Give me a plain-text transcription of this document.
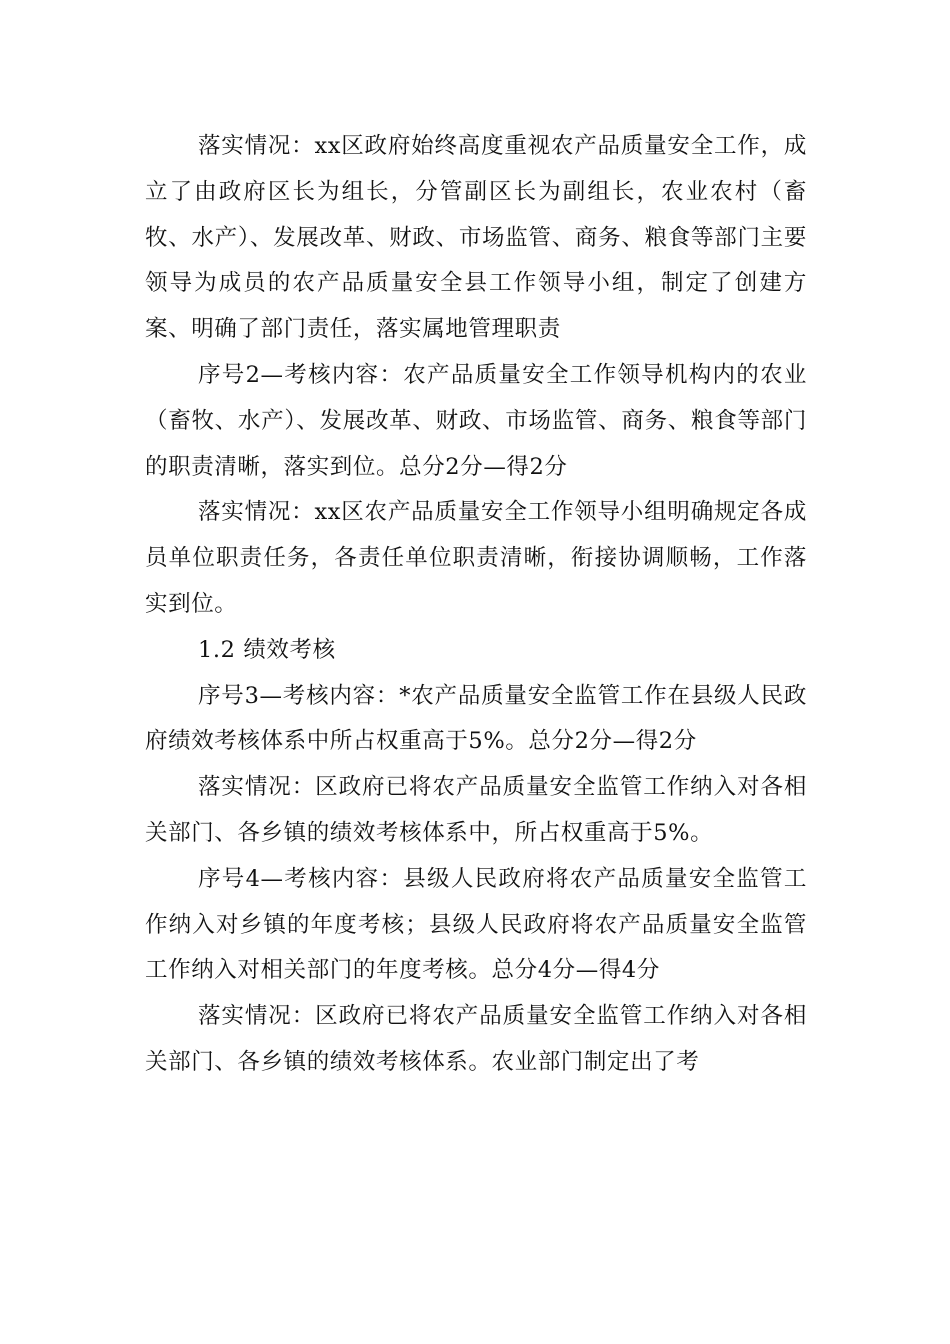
落实情况：xx区政府始终高度重视农产品质量安全工作，成立了由政府区长为组长，分管副区长为副组长，农业农村（畜牧、水产）、发展改革、财政、市场监管、商务、粮食等部门主要领导为成员的农产品质量安全县工作领导小组，制定了创建方案、明确了部门责任，落实属地管理职责

序号2—考核内容：农产品质量安全工作领导机构内的农业（畜牧、水产）、发展改革、财政、市场监管、商务、粮食等部门的职责清晰，落实到位。总分2分—得2分

落实情况：xx区农产品质量安全工作领导小组明确规定各成员单位职责任务，各责任单位职责清晰，衔接协调顺畅，工作落实到位。

1.2 绩效考核

序号3—考核内容：*农产品质量安全监管工作在县级人民政府绩效考核体系中所占权重高于5%。总分2分—得2分

落实情况：区政府已将农产品质量安全监管工作纳入对各相关部门、各乡镇的绩效考核体系中，所占权重高于5%。

序号4—考核内容：县级人民政府将农产品质量安全监管工作纳入对乡镇的年度考核；县级人民政府将农产品质量安全监管工作纳入对相关部门的年度考核。总分4分—得4分

落实情况：区政府已将农产品质量安全监管工作纳入对各相关部门、各乡镇的绩效考核体系。农业部门制定出了考
